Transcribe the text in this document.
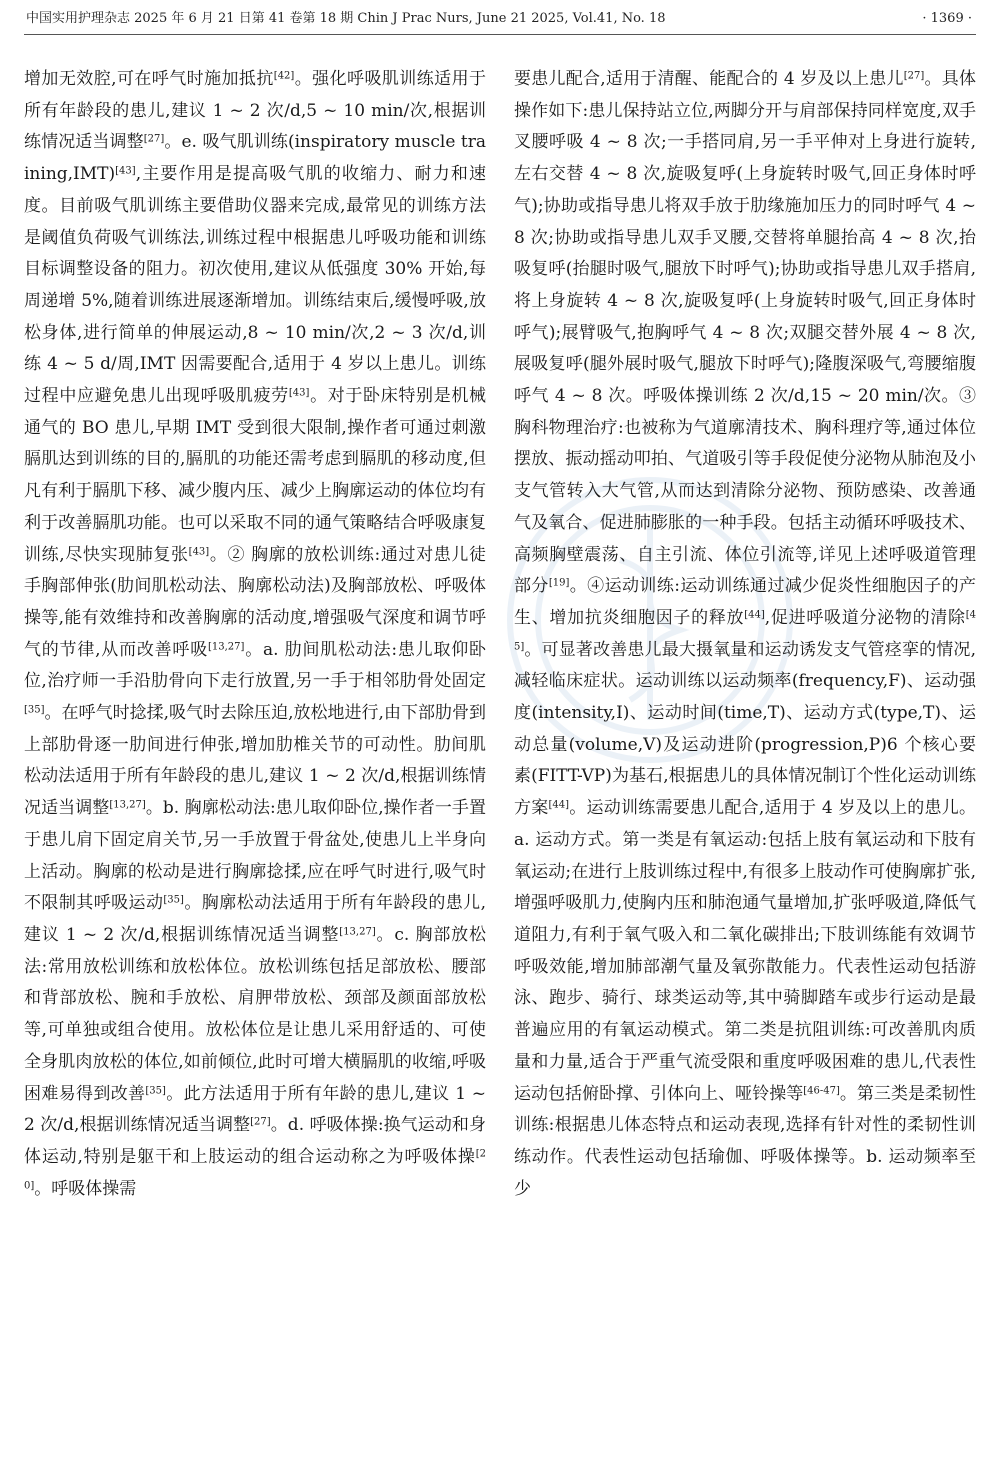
中国实用护理杂志 2025 年 6 月 21 日第 41 卷第 18 期 Chin J Prac Nurs, June 21 2025, Vol.41, No. 18	· 1369 ·

增加无效腔,可在呼气时施加抵抗[42]。强化呼吸肌训练适用于所有年龄段的患儿,建议 1 ~ 2 次/d,5 ~ 10 min/次,根据训练情况适当调整[27]。e. 吸气肌训练(inspiratory muscle training,IMT)[43],主要作用是提高吸气肌的收缩力、耐力和速度。目前吸气肌训练主要借助仪器来完成,最常见的训练方法是阈值负荷吸气训练法,训练过程中根据患儿呼吸功能和训练目标调整设备的阻力。初次使用,建议从低强度 30% 开始,每周递增 5%,随着训练进展逐渐增加。训练结束后,缓慢呼吸,放松身体,进行简单的伸展运动,8 ~ 10 min/次,2 ~ 3 次/d,训练 4 ~ 5 d/周,IMT 因需要配合,适用于 4 岁以上患儿。训练过程中应避免患儿出现呼吸肌疲劳[43]。对于卧床特别是机械通气的 BO 患儿,早期 IMT 受到很大限制,操作者可通过刺激膈肌达到训练的目的,膈肌的功能还需考虑到膈肌的移动度,但凡有利于膈肌下移、减少腹内压、减少上胸廓运动的体位均有利于改善膈肌功能。也可以采取不同的通气策略结合呼吸康复训练,尽快实现肺复张[43]。② 胸廓的放松训练:通过对患儿徒手胸部伸张(肋间肌松动法、胸廓松动法)及胸部放松、呼吸体操等,能有效维持和改善胸廓的活动度,增强吸气深度和调节呼气的节律,从而改善呼吸[13,27]。a. 肋间肌松动法:患儿取仰卧位,治疗师一手沿肋骨向下走行放置,另一手于相邻肋骨处固定[35]。在呼气时捻揉,吸气时去除压迫,放松地进行,由下部肋骨到上部肋骨逐一肋间进行伸张,增加肋椎关节的可动性。肋间肌松动法适用于所有年龄段的患儿,建议 1 ~ 2 次/d,根据训练情况适当调整[13,27]。b. 胸廓松动法:患儿取仰卧位,操作者一手置于患儿肩下固定肩关节,另一手放置于骨盆处,使患儿上半身向上活动。胸廓的松动是进行胸廓捻揉,应在呼气时进行,吸气时不限制其呼吸运动[35]。胸廓松动法适用于所有年龄段的患儿,建议 1 ~ 2 次/d,根据训练情况适当调整[13,27]。c. 胸部放松法:常用放松训练和放松体位。放松训练包括足部放松、腰部和背部放松、腕和手放松、肩胛带放松、颈部及颜面部放松等,可单独或组合使用。放松体位是让患儿采用舒适的、可使全身肌肉放松的体位,如前倾位,此时可增大横膈肌的收缩,呼吸困难易得到改善[35]。此方法适用于所有年龄的患儿,建议 1 ~ 2 次/d,根据训练情况适当调整[27]。d. 呼吸体操:换气运动和身体运动,特别是躯干和上肢运动的组合运动称之为呼吸体操[20]。呼吸体操需

要患儿配合,适用于清醒、能配合的 4 岁及以上患儿[27]。具体操作如下:患儿保持站立位,两脚分开与肩部保持同样宽度,双手叉腰呼吸 4 ~ 8 次;一手搭同肩,另一手平伸对上身进行旋转,左右交替 4 ~ 8 次,旋吸复呼(上身旋转时吸气,回正身体时呼气);协助或指导患儿将双手放于肋缘施加压力的同时呼气 4 ~ 8 次;协助或指导患儿双手叉腰,交替将单腿抬高 4 ~ 8 次,抬吸复呼(抬腿时吸气,腿放下时呼气);协助或指导患儿双手搭肩,将上身旋转 4 ~ 8 次,旋吸复呼(上身旋转时吸气,回正身体时呼气);展臂吸气,抱胸呼气 4 ~ 8 次;双腿交替外展 4 ~ 8 次,展吸复呼(腿外展时吸气,腿放下时呼气);隆腹深吸气,弯腰缩腹呼气 4 ~ 8 次。呼吸体操训练 2 次/d,15 ~ 20 min/次。③胸科物理治疗:也被称为气道廓清技术、胸科理疗等,通过体位摆放、振动摇动叩拍、气道吸引等手段促使分泌物从肺泡及小支气管转入大气管,从而达到清除分泌物、预防感染、改善通气及氧合、促进肺膨胀的一种手段。包括主动循环呼吸技术、高频胸壁震荡、自主引流、体位引流等,详见上述呼吸道管理部分[19]。④运动训练:运动训练通过减少促炎性细胞因子的产生、增加抗炎细胞因子的释放[44],促进呼吸道分泌物的清除[45]。可显著改善患儿最大摄氧量和运动诱发支气管痉挛的情况,减轻临床症状。运动训练以运动频率(frequency,F)、运动强度(intensity,I)、运动时间(time,T)、运动方式(type,T)、运动总量(volume,V)及运动进阶(progression,P)6 个核心要素(FITT-VP)为基石,根据患儿的具体情况制订个性化运动训练方案[44]。运动训练需要患儿配合,适用于 4 岁及以上的患儿。a. 运动方式。第一类是有氧运动:包括上肢有氧运动和下肢有氧运动;在进行上肢训练过程中,有很多上肢动作可使胸廓扩张,增强呼吸肌力,使胸内压和肺泡通气量增加,扩张呼吸道,降低气道阻力,有利于氧气吸入和二氧化碳排出;下肢训练能有效调节呼吸效能,增加肺部潮气量及氧弥散能力。代表性运动包括游泳、跑步、骑行、球类运动等,其中骑脚踏车或步行运动是最普遍应用的有氧运动模式。第二类是抗阻训练:可改善肌肉质量和力量,适合于严重气流受限和重度呼吸困难的患儿,代表性运动包括俯卧撑、引体向上、哑铃操等[46-47]。第三类是柔韧性训练:根据患儿体态特点和运动表现,选择有针对性的柔韧性训练动作。代表性运动包括瑜伽、呼吸体操等。b. 运动频率至少
